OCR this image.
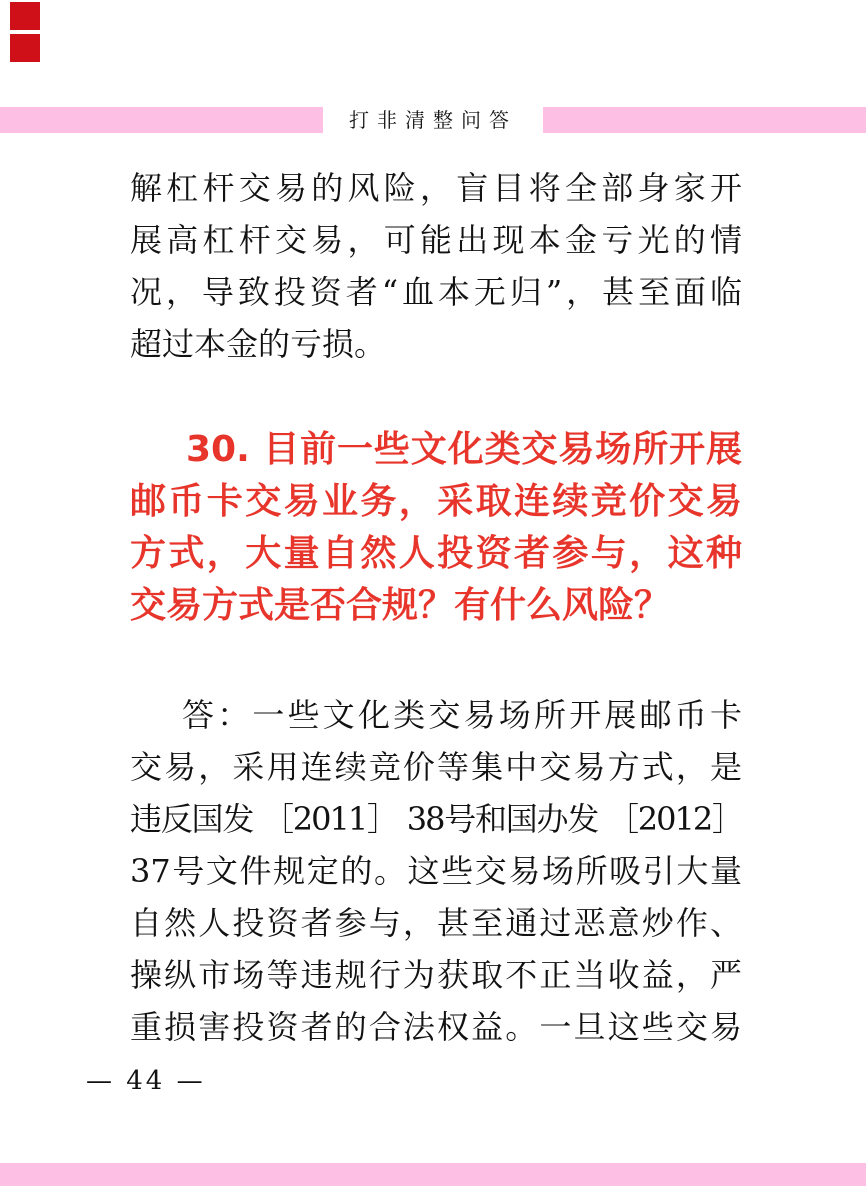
打非清整问答
解杠杆交易的风险，盲目将全部身家开
展高杠杆交易，可能出现本金亏光的情
况，导致投资者“血本无归”，甚至面临
超过本金的亏损。
30. 目前一些文化类交易场所开展
邮币卡交易业务，采取连续竞价交易
方式，大量自然人投资者参与，这种
交易方式是否合规？有什么风险？
答：一些文化类交易场所开展邮币卡
交易，采用连续竞价等集中交易方式，是
违反国发 ［2011］ 38号和国办发 ［2012］
37号文件规定的。这些交易场所吸引大量
自然人投资者参与，甚至通过恶意炒作、
操纵市场等违规行为获取不正当收益，严
重损害投资者的合法权益。一旦这些交易
— 44 —
